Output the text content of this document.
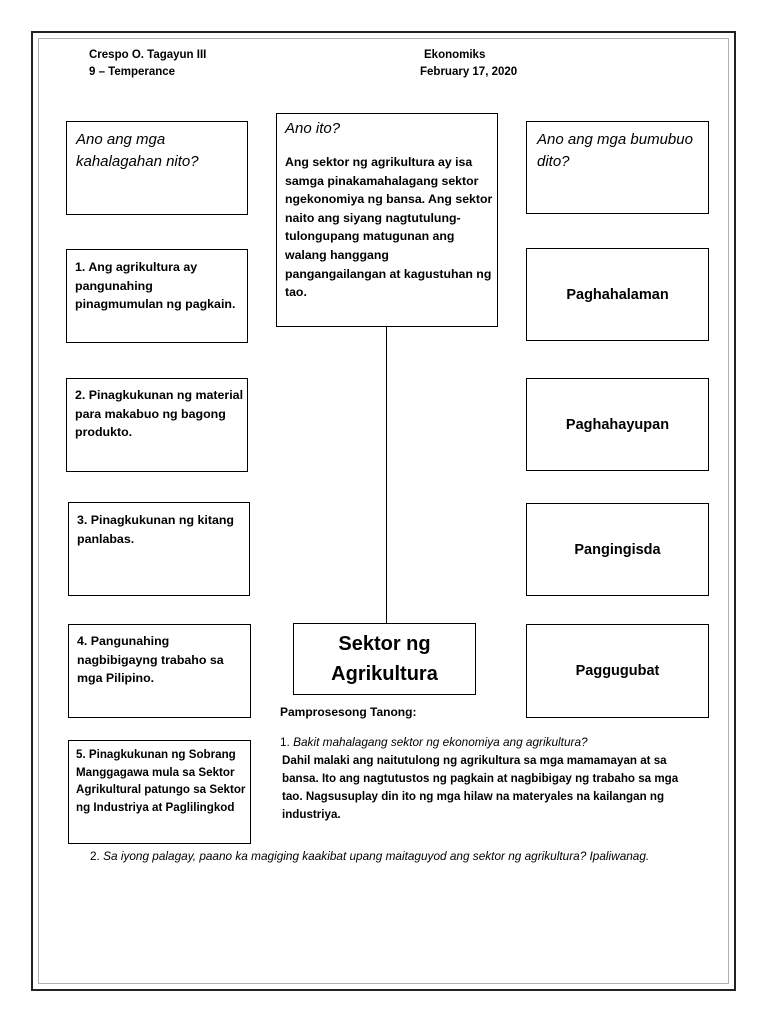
Crespo O. Tagayun III
9 – Temperance
Ekonomiks
February 17, 2020
Ano ang mga kahalagahan nito?
Ano ito?
Ang sektor ng agrikultura ay isa samga pinakamahalagang sektor ngekonomiya ng bansa. Ang sektor naito ang siyang nagtutulung-tulongupang matugunan ang walang hanggang pangangailangan at kagustuhan ng tao.
Ano ang mga bumubuo dito?
1. Ang agrikultura ay pangunahing pinagmumulan ng pagkain.
2. Pinagkukunan ng material para makabuo ng bagong produkto.
3. Pinagkukunan ng kitang panlabas.
4. Pangunahing nagbibigayng trabaho sa mga Pilipino.
5. Pinagkukunan ng Sobrang Manggagawa mula sa Sektor Agrikultural patungo sa Sektor ng Industriya at Paglilingkod
Paghahalaman
Paghahayupan
Pangingisda
Paggugubat
Sektor ng Agrikultura
Pamprosesong Tanong:
1. Bakit mahalagang sektor ng ekonomiya ang agrikultura?
Dahil malaki ang naitutulong ng agrikultura sa mga mamamayan at sa bansa. Ito ang nagtutustos ng pagkain at nagbibigay ng trabaho sa mga tao. Nagsusuplay din ito ng mga hilaw na materyales na kailangan ng industriya.
2. Sa iyong palagay, paano ka magiging kaakibat upang maitaguyod ang sektor ng agrikultura? Ipaliwanag.
